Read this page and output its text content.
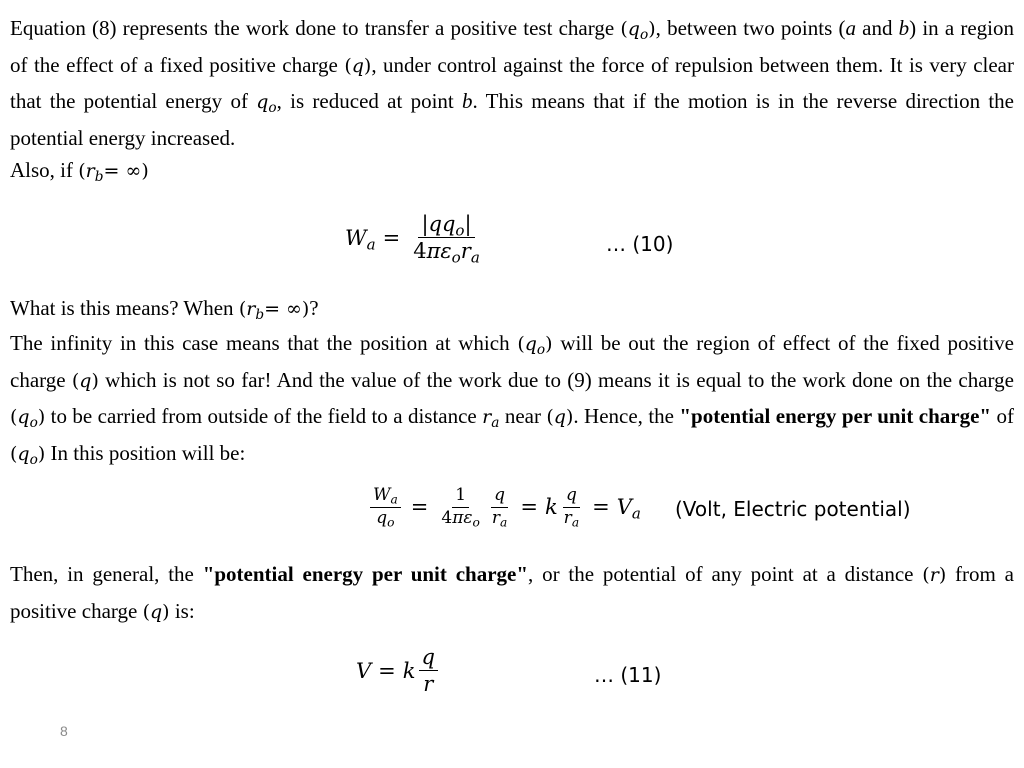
Equation (8) represents the work done to transfer a positive test charge $(q_o)$, between two points (a and b) in a region of the effect of a fixed positive charge (q), under control against the force of repulsion between them. It is very clear that the potential energy of $q_o$, is reduced at point b. This means that if the motion is in the reverse direction the potential energy increased.

Also, if ($r_b=$ ∞)

$W_a = \frac{|qq_o|}{4\pi\varepsilon_or_a}$	… (10)

What is this means? When ($r_b=$ ∞)?

The infinity in this case means that the position at which $(q_o)$ will be out the region of effect of the fixed positive charge (q) which is not so far! And the value of the work due to (9) means it is equal to the work done on the charge $(q_o)$ to be carried from outside of the field to a distance $r_a$ near (q). Hence, the "potential energy per unit charge" of $(q_o)$ In this position will be:

$\frac{W_a}{q_o} = \frac{1}{4\pi\varepsilon_o} \frac{q}{r_a} = k \frac{q}{r_a} = V_a$ (Volt, Electric potential)

Then, in general, the "potential energy per unit charge", or the potential of any point at a distance (r) from a positive charge (q) is:

V = k $\frac{q}{r}$	… (11)
8
